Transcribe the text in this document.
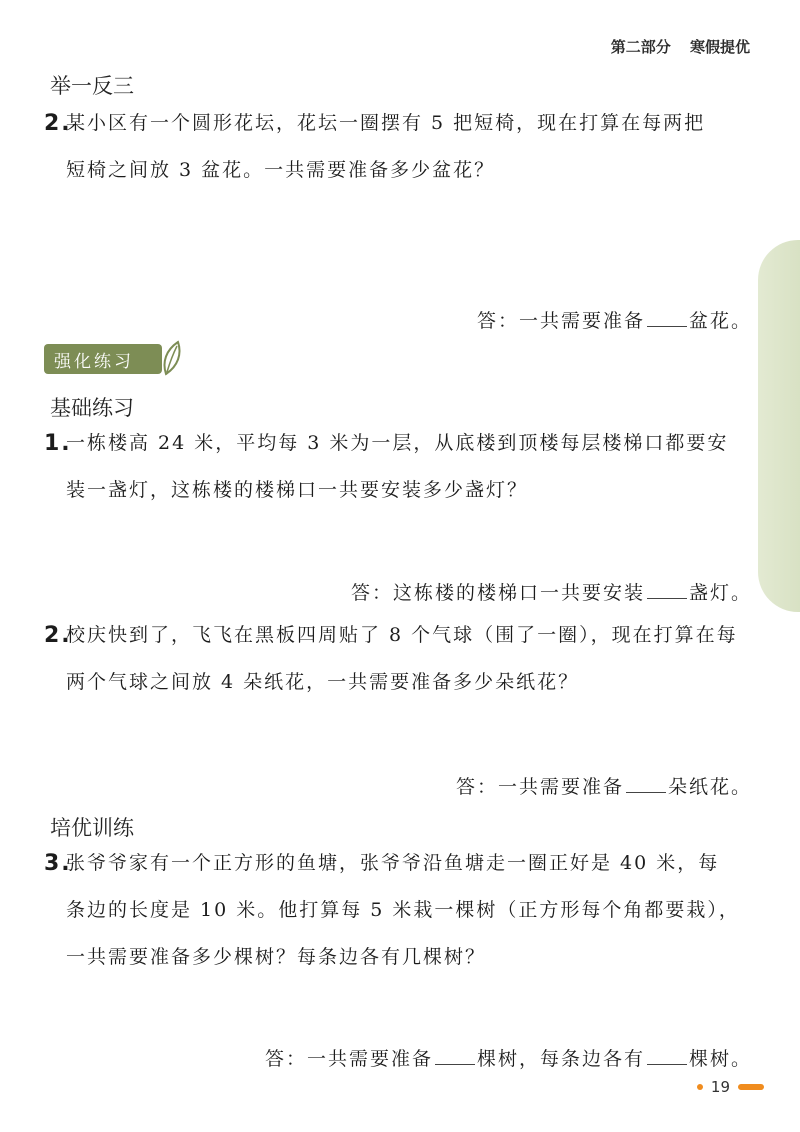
第二部分 寒假提优
举一反三
2.
某小区有一个圆形花坛，花坛一圈摆有 5 把短椅，现在打算在每两把
短椅之间放 3 盆花。一共需要准备多少盆花？
答：一共需要准备 盆花。
强化练习
基础练习
1.
一栋楼高 24 米，平均每 3 米为一层，从底楼到顶楼每层楼梯口都要安
装一盏灯，这栋楼的楼梯口一共要安装多少盏灯？
答：这栋楼的楼梯口一共要安装 盏灯。
2.
校庆快到了，飞飞在黑板四周贴了 8 个气球（围了一圈），现在打算在每
两个气球之间放 4 朵纸花，一共需要准备多少朵纸花？
答：一共需要准备 朵纸花。
培优训练
3.
张爷爷家有一个正方形的鱼塘，张爷爷沿鱼塘走一圈正好是 40 米，每
条边的长度是 10 米。他打算每 5 米栽一棵树（正方形每个角都要栽），
一共需要准备多少棵树？每条边各有几棵树？
答：一共需要准备 棵树，每条边各有 棵树。
19
